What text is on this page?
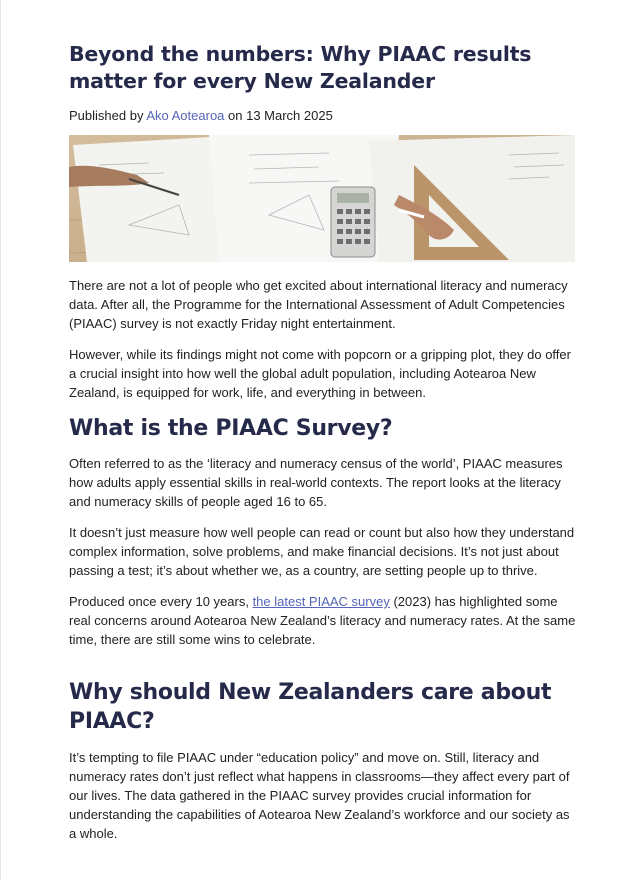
Beyond the numbers: Why PIAAC results matter for every New Zealander
Published by Ako Aotearoa on 13 March 2025

There are not a lot of people who get excited about international literacy and numeracy data. After all, the Programme for the International Assessment of Adult Competencies (PIAAC) survey is not exactly Friday night entertainment.

However, while its findings might not come with popcorn or a gripping plot, they do offer a crucial insight into how well the global adult population, including Aotearoa New Zealand, is equipped for work, life, and everything in between.

What is the PIAAC Survey?

Often referred to as the ‘literacy and numeracy census of the world’, PIAAC measures how adults apply essential skills in real-world contexts. The report looks at the literacy and numeracy skills of people aged 16 to 65.

It doesn’t just measure how well people can read or count but also how they understand complex information, solve problems, and make financial decisions. It’s not just about passing a test; it’s about whether we, as a country, are setting people up to thrive.

Produced once every 10 years, the latest PIAAC survey (2023) has highlighted some real concerns around Aotearoa New Zealand’s literacy and numeracy rates. At the same time, there are still some wins to celebrate.

Why should New Zealanders care about PIAAC?

It’s tempting to file PIAAC under “education policy” and move on. Still, literacy and numeracy rates don’t just reflect what happens in classrooms—they affect every part of our lives. The data gathered in the PIAAC survey provides crucial information for understanding the capabilities of Aotearoa New Zealand’s workforce and our society as a whole.
